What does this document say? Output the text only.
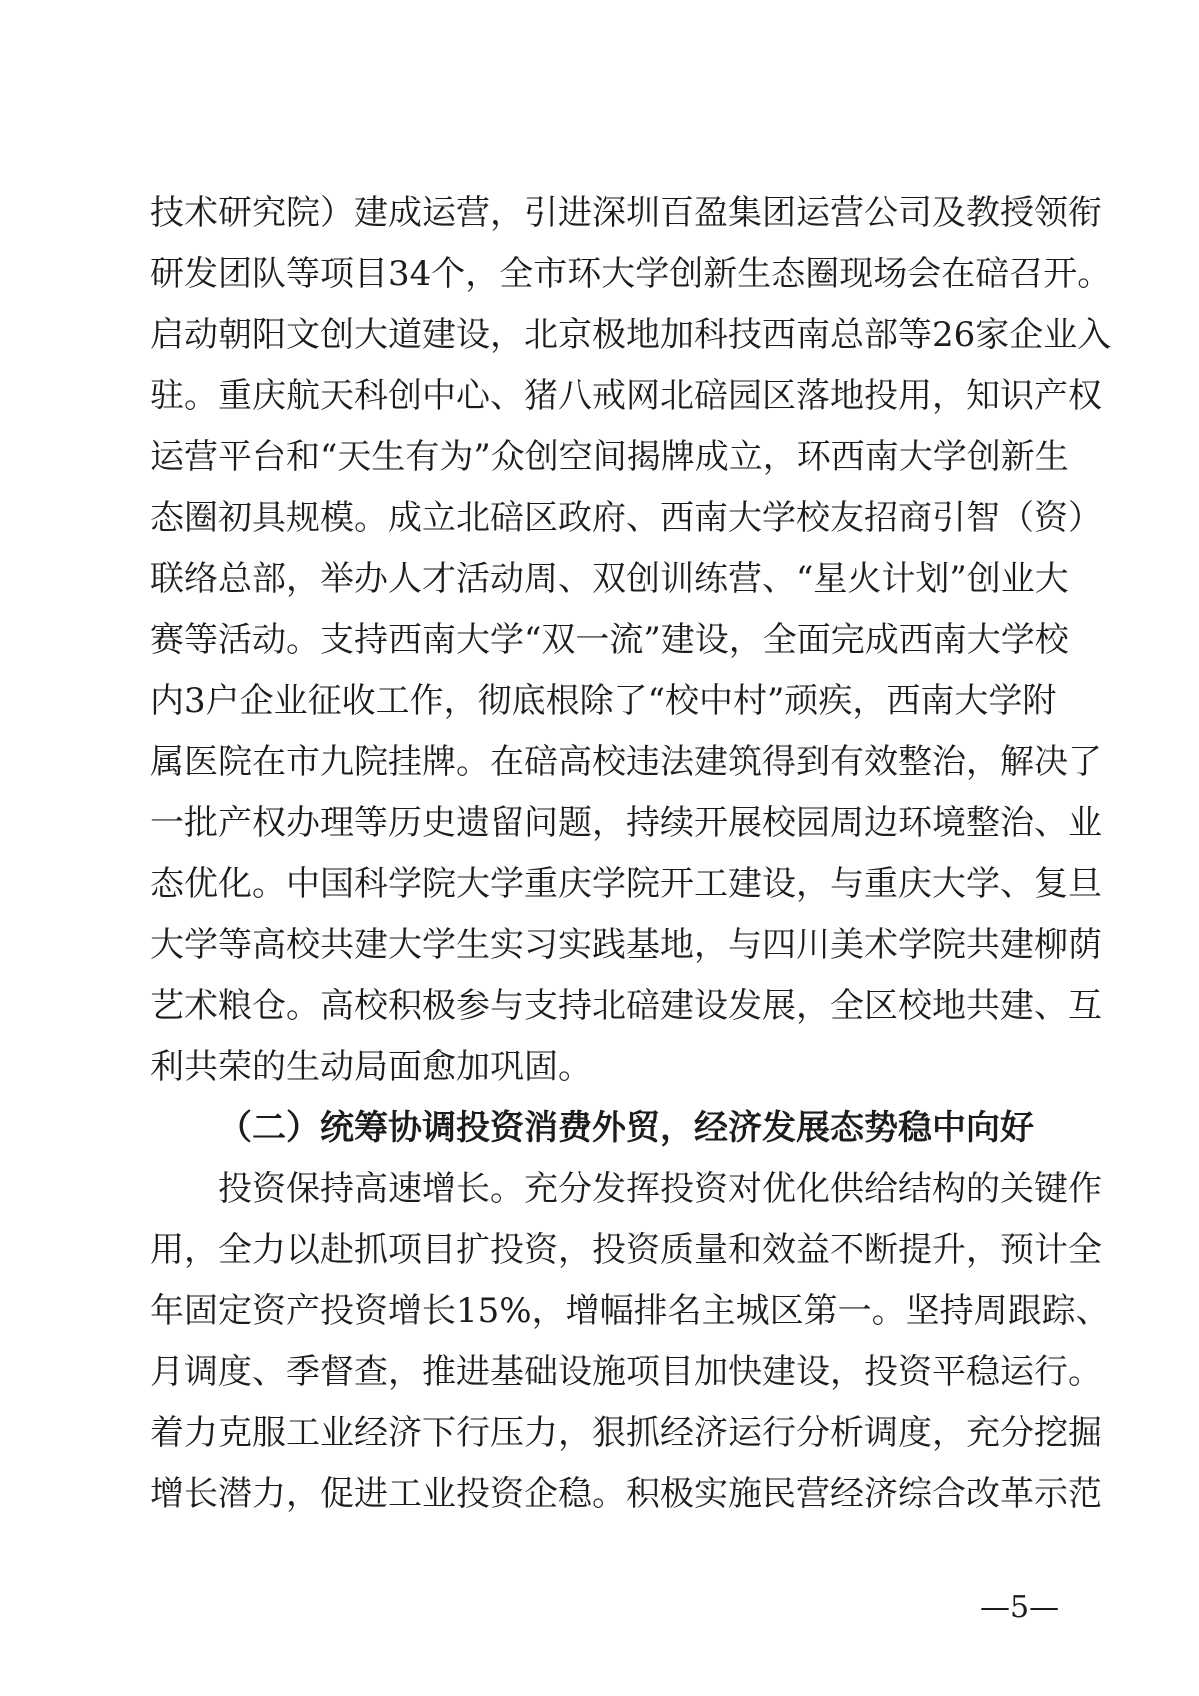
技术研究院）建成运营，引进深圳百盈集团运营公司及教授领衔
研发团队等项目34个，全市环大学创新生态圈现场会在碚召开。
启动朝阳文创大道建设，北京极地加科技西南总部等26家企业入
驻。重庆航天科创中心、猪八戒网北碚园区落地投用，知识产权
运营平台和“天生有为”众创空间揭牌成立，环西南大学创新生
态圈初具规模。成立北碚区政府、西南大学校友招商引智（资）
联络总部，举办人才活动周、双创训练营、“星火计划”创业大
赛等活动。支持西南大学“双一流”建设，全面完成西南大学校
内3户企业征收工作，彻底根除了“校中村”顽疾，西南大学附
属医院在市九院挂牌。在碚高校违法建筑得到有效整治，解决了
一批产权办理等历史遗留问题，持续开展校园周边环境整治、业
态优化。中国科学院大学重庆学院开工建设，与重庆大学、复旦
大学等高校共建大学生实习实践基地，与四川美术学院共建柳荫
艺术粮仓。高校积极参与支持北碚建设发展，全区校地共建、互
利共荣的生动局面愈加巩固。
（二）统筹协调投资消费外贸，经济发展态势稳中向好
投资保持高速增长。充分发挥投资对优化供给结构的关键作
用，全力以赴抓项目扩投资，投资质量和效益不断提升，预计全
年固定资产投资增长15%，增幅排名主城区第一。坚持周跟踪、
月调度、季督查，推进基础设施项目加快建设，投资平稳运行。
着力克服工业经济下行压力，狠抓经济运行分析调度，充分挖掘
增长潜力，促进工业投资企稳。积极实施民营经济综合改革示范
—5—
